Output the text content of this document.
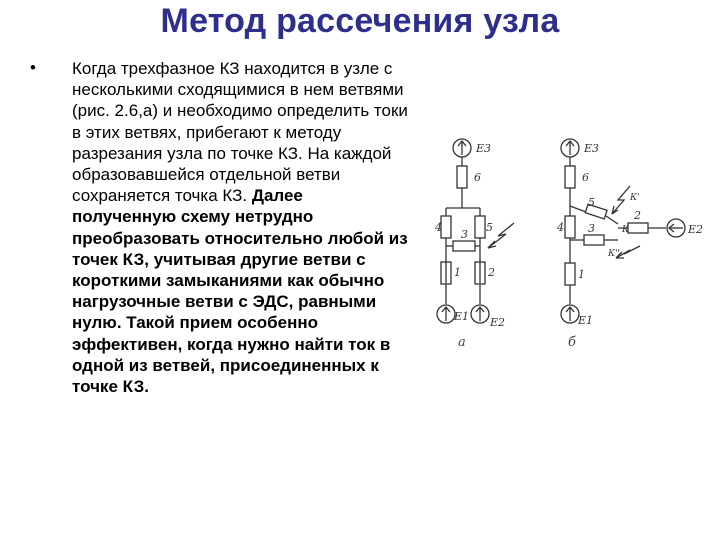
Метод рассечения узла
• Когда трехфазное КЗ находится в узле с несколькими сходящимися в нем ветвями (рис. 2.6,а) и необходимо определить токи в этих ветвях, прибегают к методу разрезания узла по точке КЗ. На каждой образовавшейся отдельной ветви сохраняется точка КЗ. Далее полученную схему нетрудно преобразовать относительно любой из точек КЗ, учитывая другие ветви с короткими замыканиями как обычно нагрузочные ветви с ЭДС, равными нулю. Такой прием особенно эффективен, когда нужно найти ток в одной из ветвей, присоединенных к точке КЗ.
E3
6
4	5
3
1 2
E1 E2
а
E3
6
4
5
2
3
1
E1
E2
К'
К
К''
б
